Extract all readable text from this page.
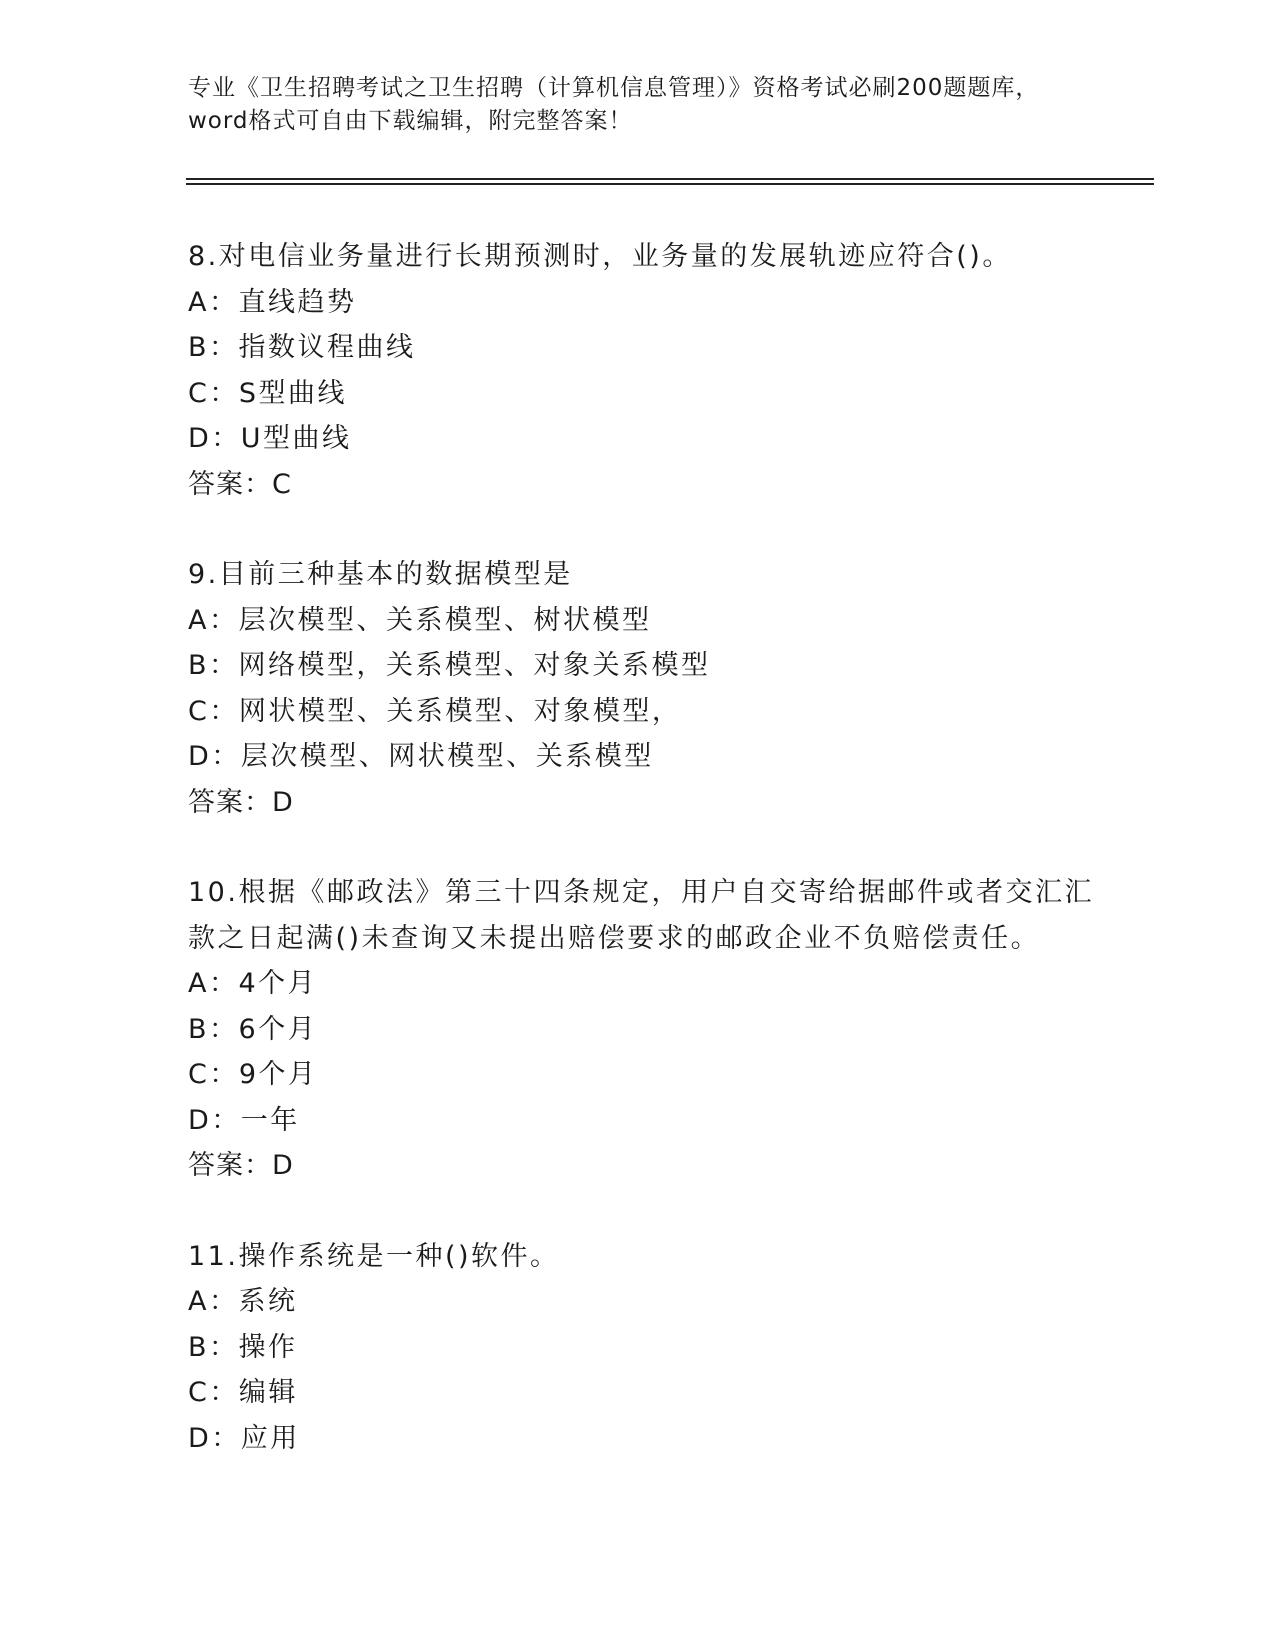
专业《卫生招聘考试之卫生招聘（计算机信息管理）》资格考试必刷200题题库，
word格式可自由下载编辑，附完整答案！
8.对电信业务量进行长期预测时，业务量的发展轨迹应符合()。
A：直线趋势
B：指数议程曲线
C：S型曲线
D：U型曲线
答案：C
9.目前三种基本的数据模型是
A：层次模型、关系模型、树状模型
B：网络模型，关系模型、对象关系模型
C：网状模型、关系模型、对象模型，
D：层次模型、网状模型、关系模型
答案：D
10.根据《邮政法》第三十四条规定，用户自交寄给据邮件或者交汇汇
款之日起满()未查询又未提出赔偿要求的邮政企业不负赔偿责任。
A：4个月
B：6个月
C：9个月
D：一年
答案：D
11.操作系统是一种()软件。
A：系统
B：操作
C：编辑
D：应用
